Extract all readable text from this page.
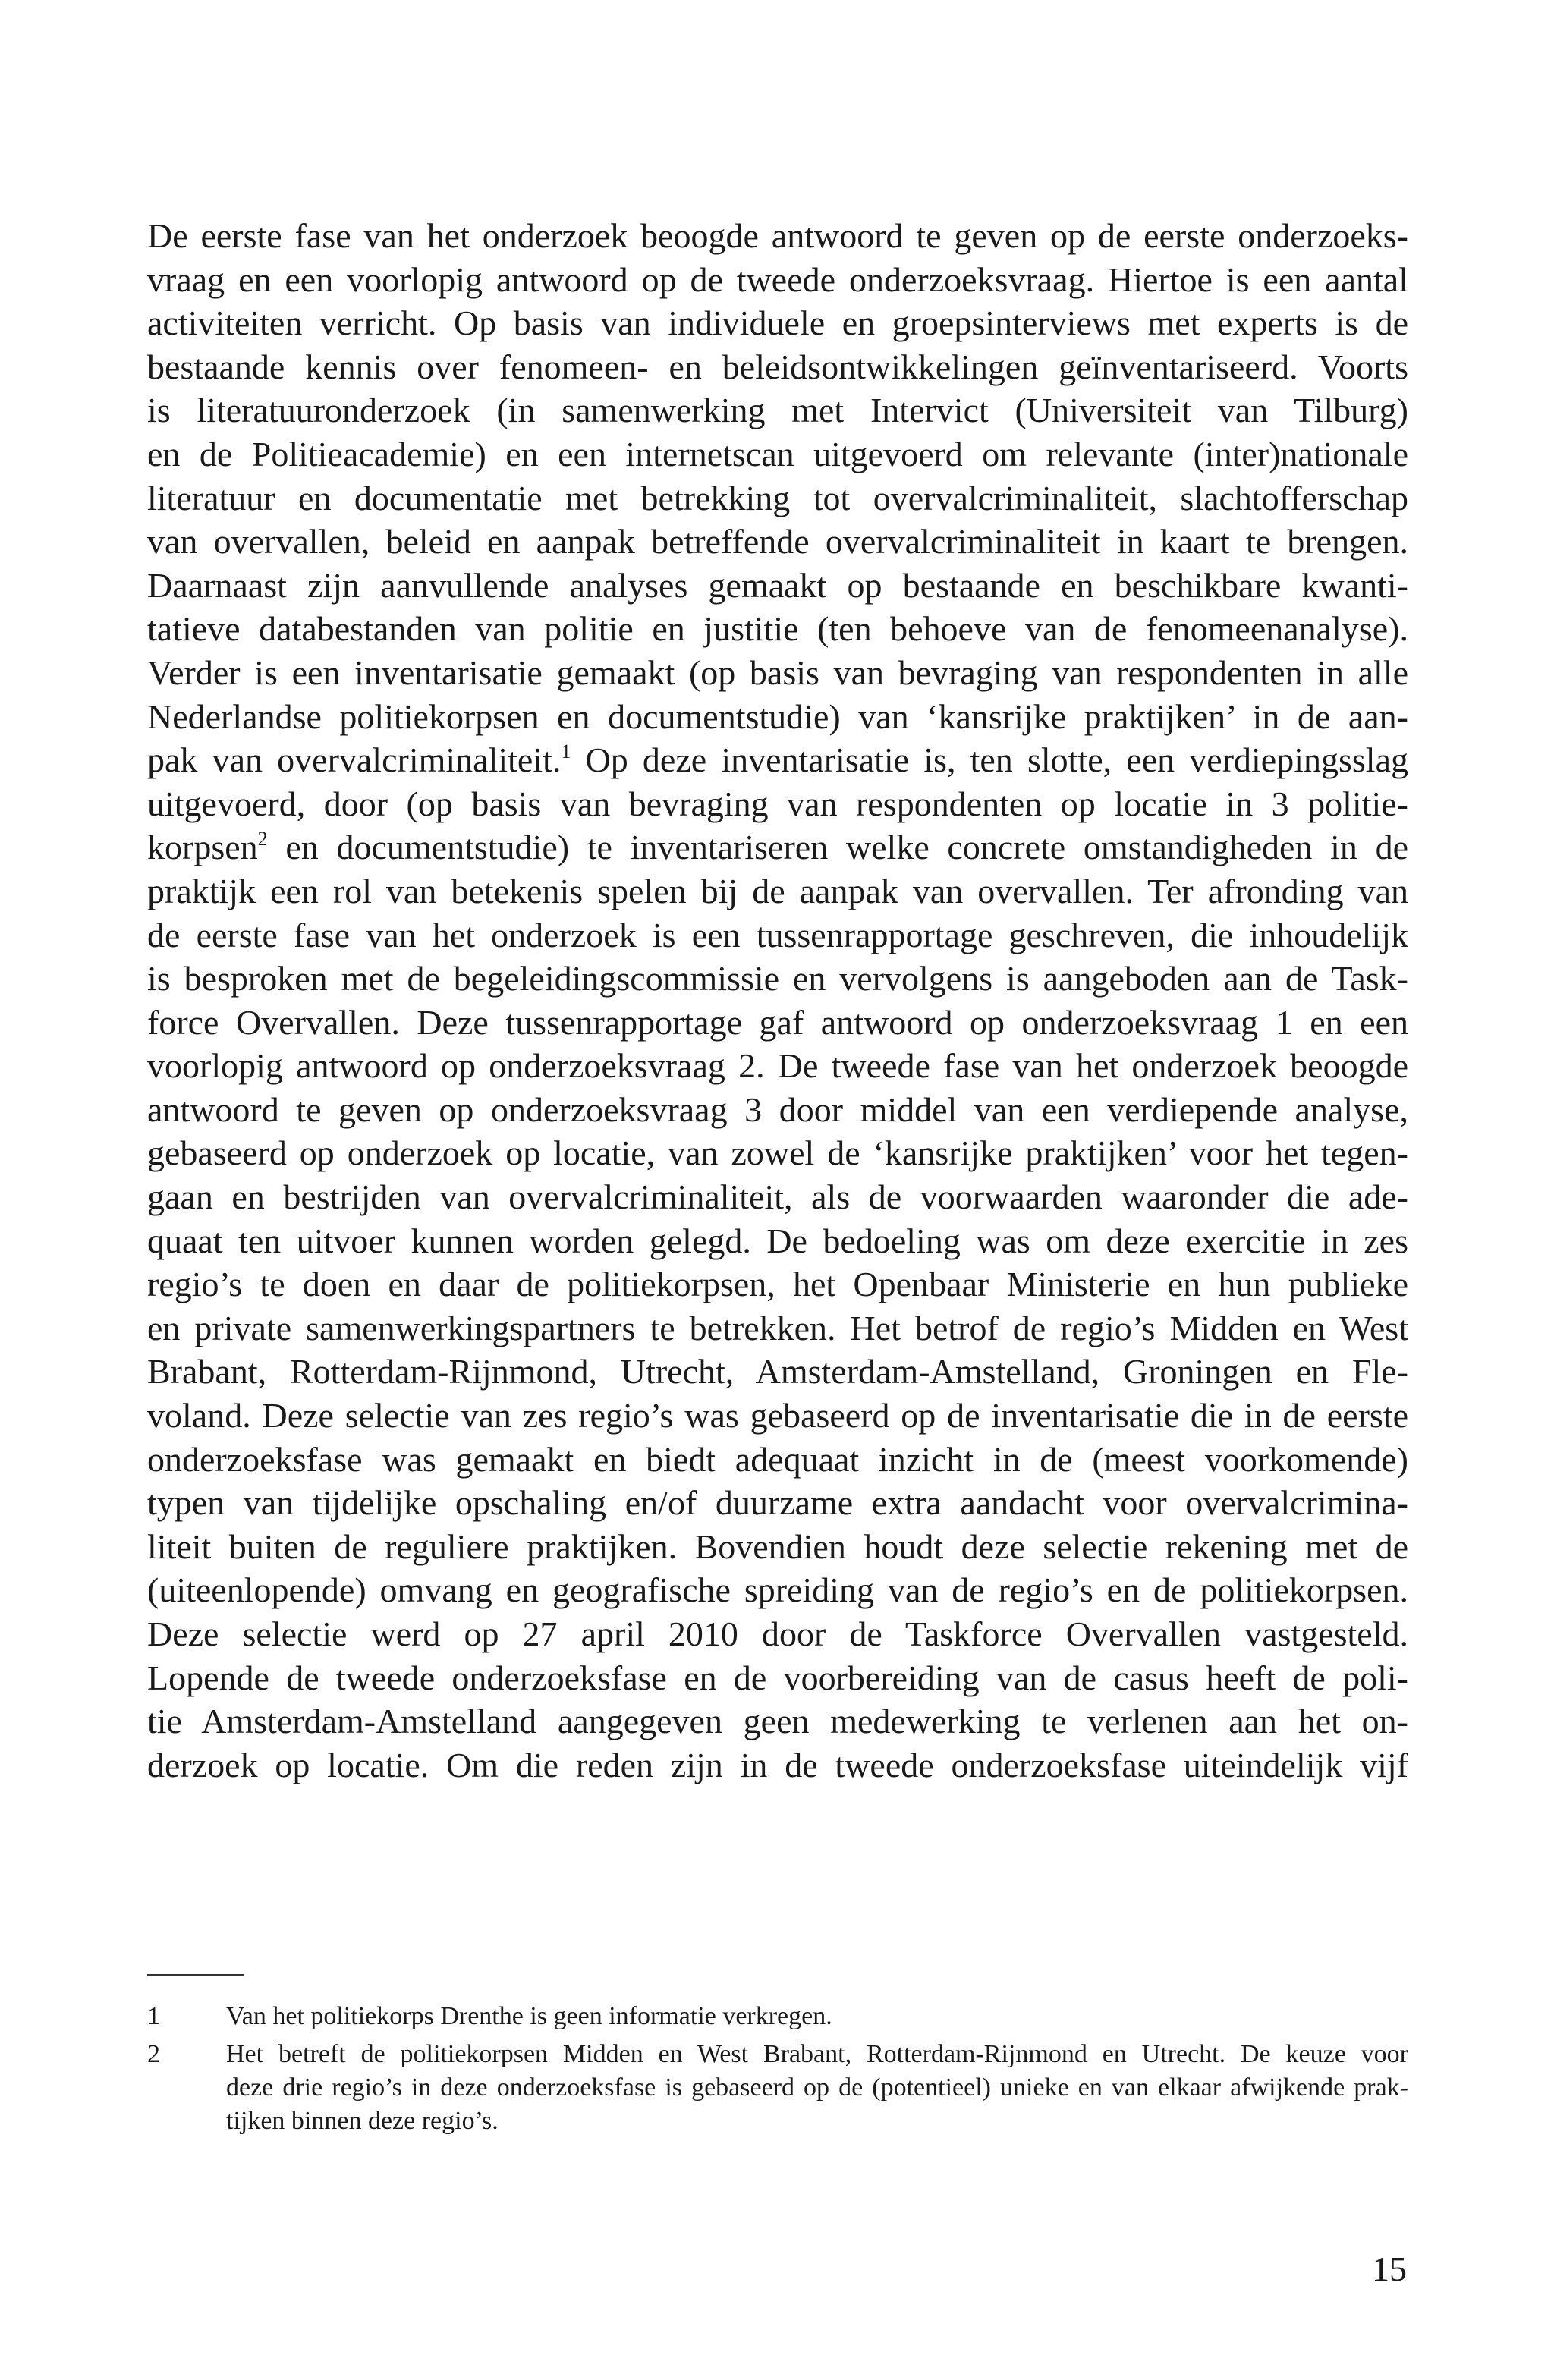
De eerste fase van het onderzoek beoogde antwoord te geven op de eerste onderzoeks-
vraag en een voorlopig antwoord op de tweede onderzoeksvraag. Hiertoe is een aantal
activiteiten verricht. Op basis van individuele en groepsinterviews met experts is de
bestaande kennis over fenomeen- en beleidsontwikkelingen geïnventariseerd. Voorts
is literatuuronderzoek (in samenwerking met Intervict (Universiteit van Tilburg)
en de Politieacademie) en een internetscan uitgevoerd om relevante (inter)nationale
literatuur en documentatie met betrekking tot overvalcriminaliteit, slachtofferschap
van overvallen, beleid en aanpak betreffende overvalcriminaliteit in kaart te brengen.
Daarnaast zijn aanvullende analyses gemaakt op bestaande en beschikbare kwanti-
tatieve databestanden van politie en justitie (ten behoeve van de fenomeenanalyse).
Verder is een inventarisatie gemaakt (op basis van bevraging van respondenten in alle
Nederlandse politiekorpsen en documentstudie) van ‘kansrijke praktijken’ in de aan-
pak van overvalcriminaliteit.$^1$ Op deze inventarisatie is, ten slotte, een verdiepingsslag
uitgevoerd, door (op basis van bevraging van respondenten op locatie in 3 politie-
korpsen$^2$ en documentstudie) te inventariseren welke concrete omstandigheden in de
praktijk een rol van betekenis spelen bij de aanpak van overvallen. Ter afronding van
de eerste fase van het onderzoek is een tussenrapportage geschreven, die inhoudelijk
is besproken met de begeleidingscommissie en vervolgens is aangeboden aan de Task-
force Overvallen. Deze tussenrapportage gaf antwoord op onderzoeksvraag 1 en een
voorlopig antwoord op onderzoeksvraag 2. De tweede fase van het onderzoek beoogde
antwoord te geven op onderzoeksvraag 3 door middel van een verdiepende analyse,
gebaseerd op onderzoek op locatie, van zowel de ‘kansrijke praktijken’ voor het tegen-
gaan en bestrijden van overvalcriminaliteit, als de voorwaarden waaronder die ade-
quaat ten uitvoer kunnen worden gelegd. De bedoeling was om deze exercitie in zes
regio’s te doen en daar de politiekorpsen, het Openbaar Ministerie en hun publieke
en private samenwerkingspartners te betrekken. Het betrof de regio’s Midden en West
Brabant, Rotterdam-Rijnmond, Utrecht, Amsterdam-Amstelland, Groningen en Fle-
voland. Deze selectie van zes regio’s was gebaseerd op de inventarisatie die in de eerste
onderzoeksfase was gemaakt en biedt adequaat inzicht in de (meest voorkomende)
typen van tijdelijke opschaling en/of duurzame extra aandacht voor overvalcrimina-
liteit buiten de reguliere praktijken. Bovendien houdt deze selectie rekening met de
(uiteenlopende) omvang en geografische spreiding van de regio’s en de politiekorpsen.
Deze selectie werd op 27 april 2010 door de Taskforce Overvallen vastgesteld.
Lopende de tweede onderzoeksfase en de voorbereiding van de casus heeft de poli-
tie Amsterdam-Amstelland aangegeven geen medewerking te verlenen aan het on-
derzoek op locatie. Om die reden zijn in de tweede onderzoeksfase uiteindelijk vijf
1	Van het politiekorps Drenthe is geen informatie verkregen.
2	Het betreft de politiekorpsen Midden en West Brabant, Rotterdam-Rijnmond en Utrecht. De keuze voor
deze drie regio’s in deze onderzoeksfase is gebaseerd op de (potentieel) unieke en van elkaar afwijkende prak-
tijken binnen deze regio’s.
15
